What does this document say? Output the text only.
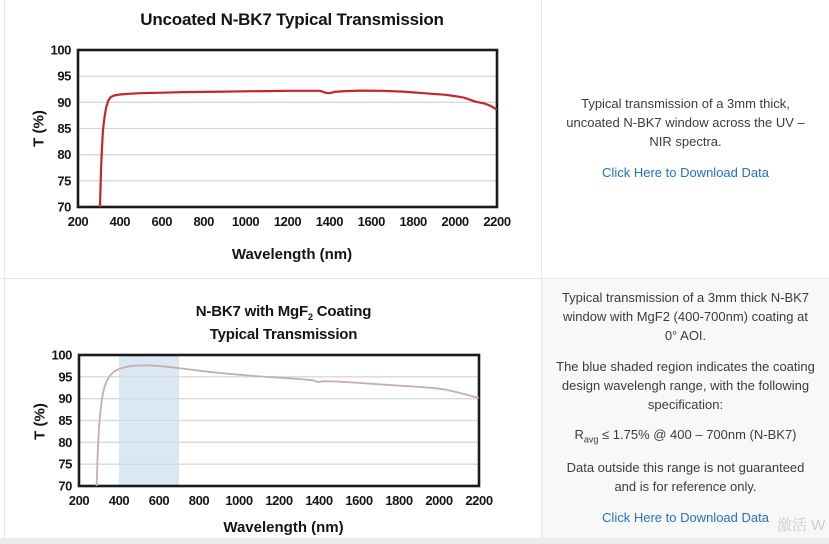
Uncoated N-BK7 Typical Transmission
T (%)
70
75
80
85
90
95
100
200 400 600 800 1000 1200 1400 1600 1800 2000 2200
Wavelength (nm)

Typical transmission of a 3mm thick, uncoated N-BK7 window across the UV – NIR spectra.

Click Here to Download Data
N-BK7 with MgF$_2$ Coating
Typical Transmission
T (%)
70
75
80
85
90
95
100
200 400 600 800 1000 1200 1400 1600 1800 2000 2200
Wavelength (nm)

Typical transmission of a 3mm thick N-BK7 window with MgF2 (400-700nm) coating at 0° AOI.

The blue shaded region indicates the coating design wavelengh range, with the following specification:

$R_{avg} \le 1.75\%$ @ 400 – 700nm (N-BK7)

Data outside this range is not guaranteed and is for reference only.

Click Here to Download Data 激活 W
